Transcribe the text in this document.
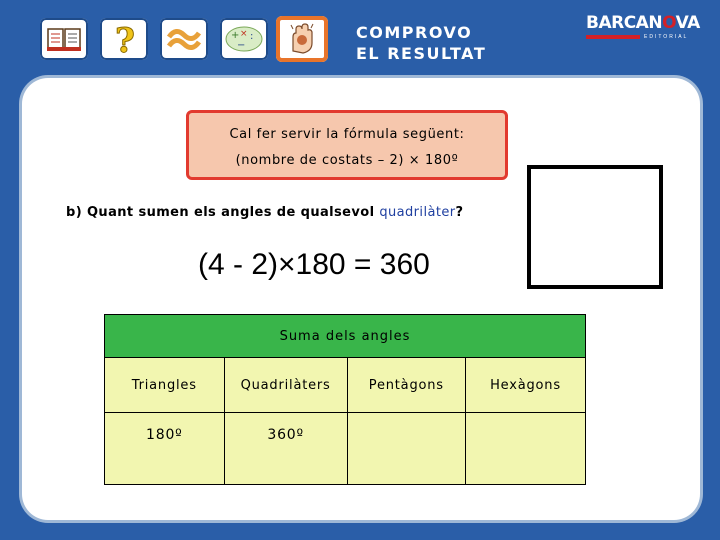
?	+ × :
−
COMPROVO
EL RESULTAT
BARCANOVA
EDITORIAL
Cal fer servir la fórmula següent:
(nombre de costats – 2) × 180º
b) Quant sumen els angles de qualsevol quadrilàter?
(4 - 2)×180 = 360
Suma dels angles			
Triangles	Quadrilàters	Pentàgons	Hexàgons
180º	360º		
